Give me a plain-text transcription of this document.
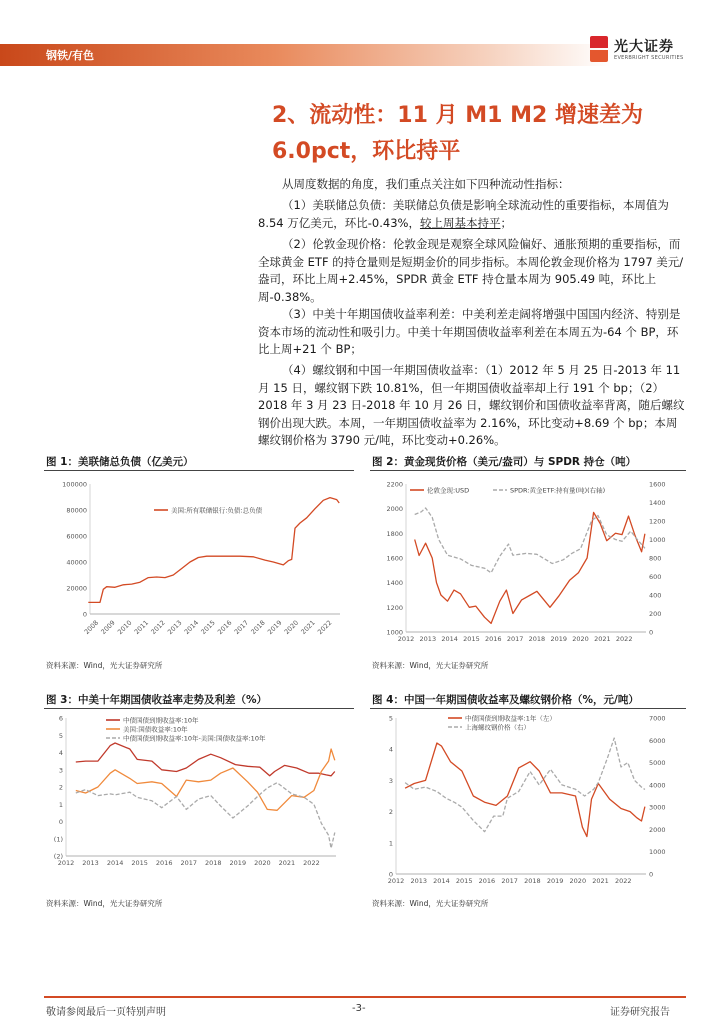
钢铁/有色
光大证券
EVERBRIGHT SECURITIES
2、流动性：11 月 M1 M2 增速差为
6.0pct，环比持平
从周度数据的角度，我们重点关注如下四种流动性指标：
（1）美联储总负债：美联储总负债是影响全球流动性的重要指标，本周值为 8.54 万亿美元，环比-0.43%，较上周基本持平；
（2）伦敦金现价格：伦敦金现是观察全球风险偏好、通胀预期的重要指标，而全球黄金 ETF 的持仓量则是短期金价的同步指标。本周伦敦金现价格为 1797 美元/盎司，环比上周+2.45%，SPDR 黄金 ETF 持仓量本周为 905.49 吨，环比上周-0.38%。
（3）中美十年期国债收益率利差：中美利差走阔将增强中国国内经济、特别是资本市场的流动性和吸引力。中美十年期国债收益率利差在本周五为-64 个 BP，环比上周+21 个 BP；
（4）螺纹钢和中国一年期国债收益率：（1）2012 年 5 月 25 日-2013 年 11 月 15 日，螺纹钢下跌 10.81%，但一年期国债收益率却上行 191 个 bp；（2）2018 年 3 月 23 日-2018 年 10 月 26 日，螺纹钢价和国债收益率背离，随后螺纹钢价出现大跌。本周，一年期国债收益率为 2.16%，环比变动+8.69 个 bp；本周螺纹钢价格为 3790 元/吨，环比变动+0.26%。
图 1：美联储总负债（亿美元）
100000
80000
60000
40000
20000
0
2008 2009 2010 2011 2012 2013 2014 2015 2016 2017 2018 2019 2020 2021 2022
美国:所有联储银行:负债:总负债
资料来源：Wind，光大证券研究所
图 2：黄金现货价格（美元/盎司）与 SPDR 持仓（吨）
2200
2000
1800
1600
1400
1200
1000
1600
1400
1200
1000
800
600
400
200
0
2012 2013 2014 2015 2016 2017 2018 2019 2020 2021 2022
伦敦金现:USD	SPDR:黄金ETF:持有量(吨)(右轴)
资料来源：Wind，光大证券研究所
图 3：中美十年期国债收益率走势及利差（%）
6
5
4
3
2
1
0
(1)
(2)
2012 2013 2014 2015 2016 2017 2018 2019 2020 2021 2022
中债国债到期收益率:10年
美国:国债收益率:10年
中债国债到期收益率:10年-美国:国债收益率:10年
资料来源：Wind，光大证券研究所
图 4：中国一年期国债收益率及螺纹钢价格（%，元/吨）
5
4
3
2
1
0
7000
6000
5000
4000
3000
2000
1000
0
2012 2013 2014 2015 2016 2017 2018 2019 2020 2021 2022
中债国债到期收益率:1年（左）
上海螺纹钢价格（右）
资料来源：Wind，光大证券研究所
敬请参阅最后一页特别声明	-3-	证券研究报告
